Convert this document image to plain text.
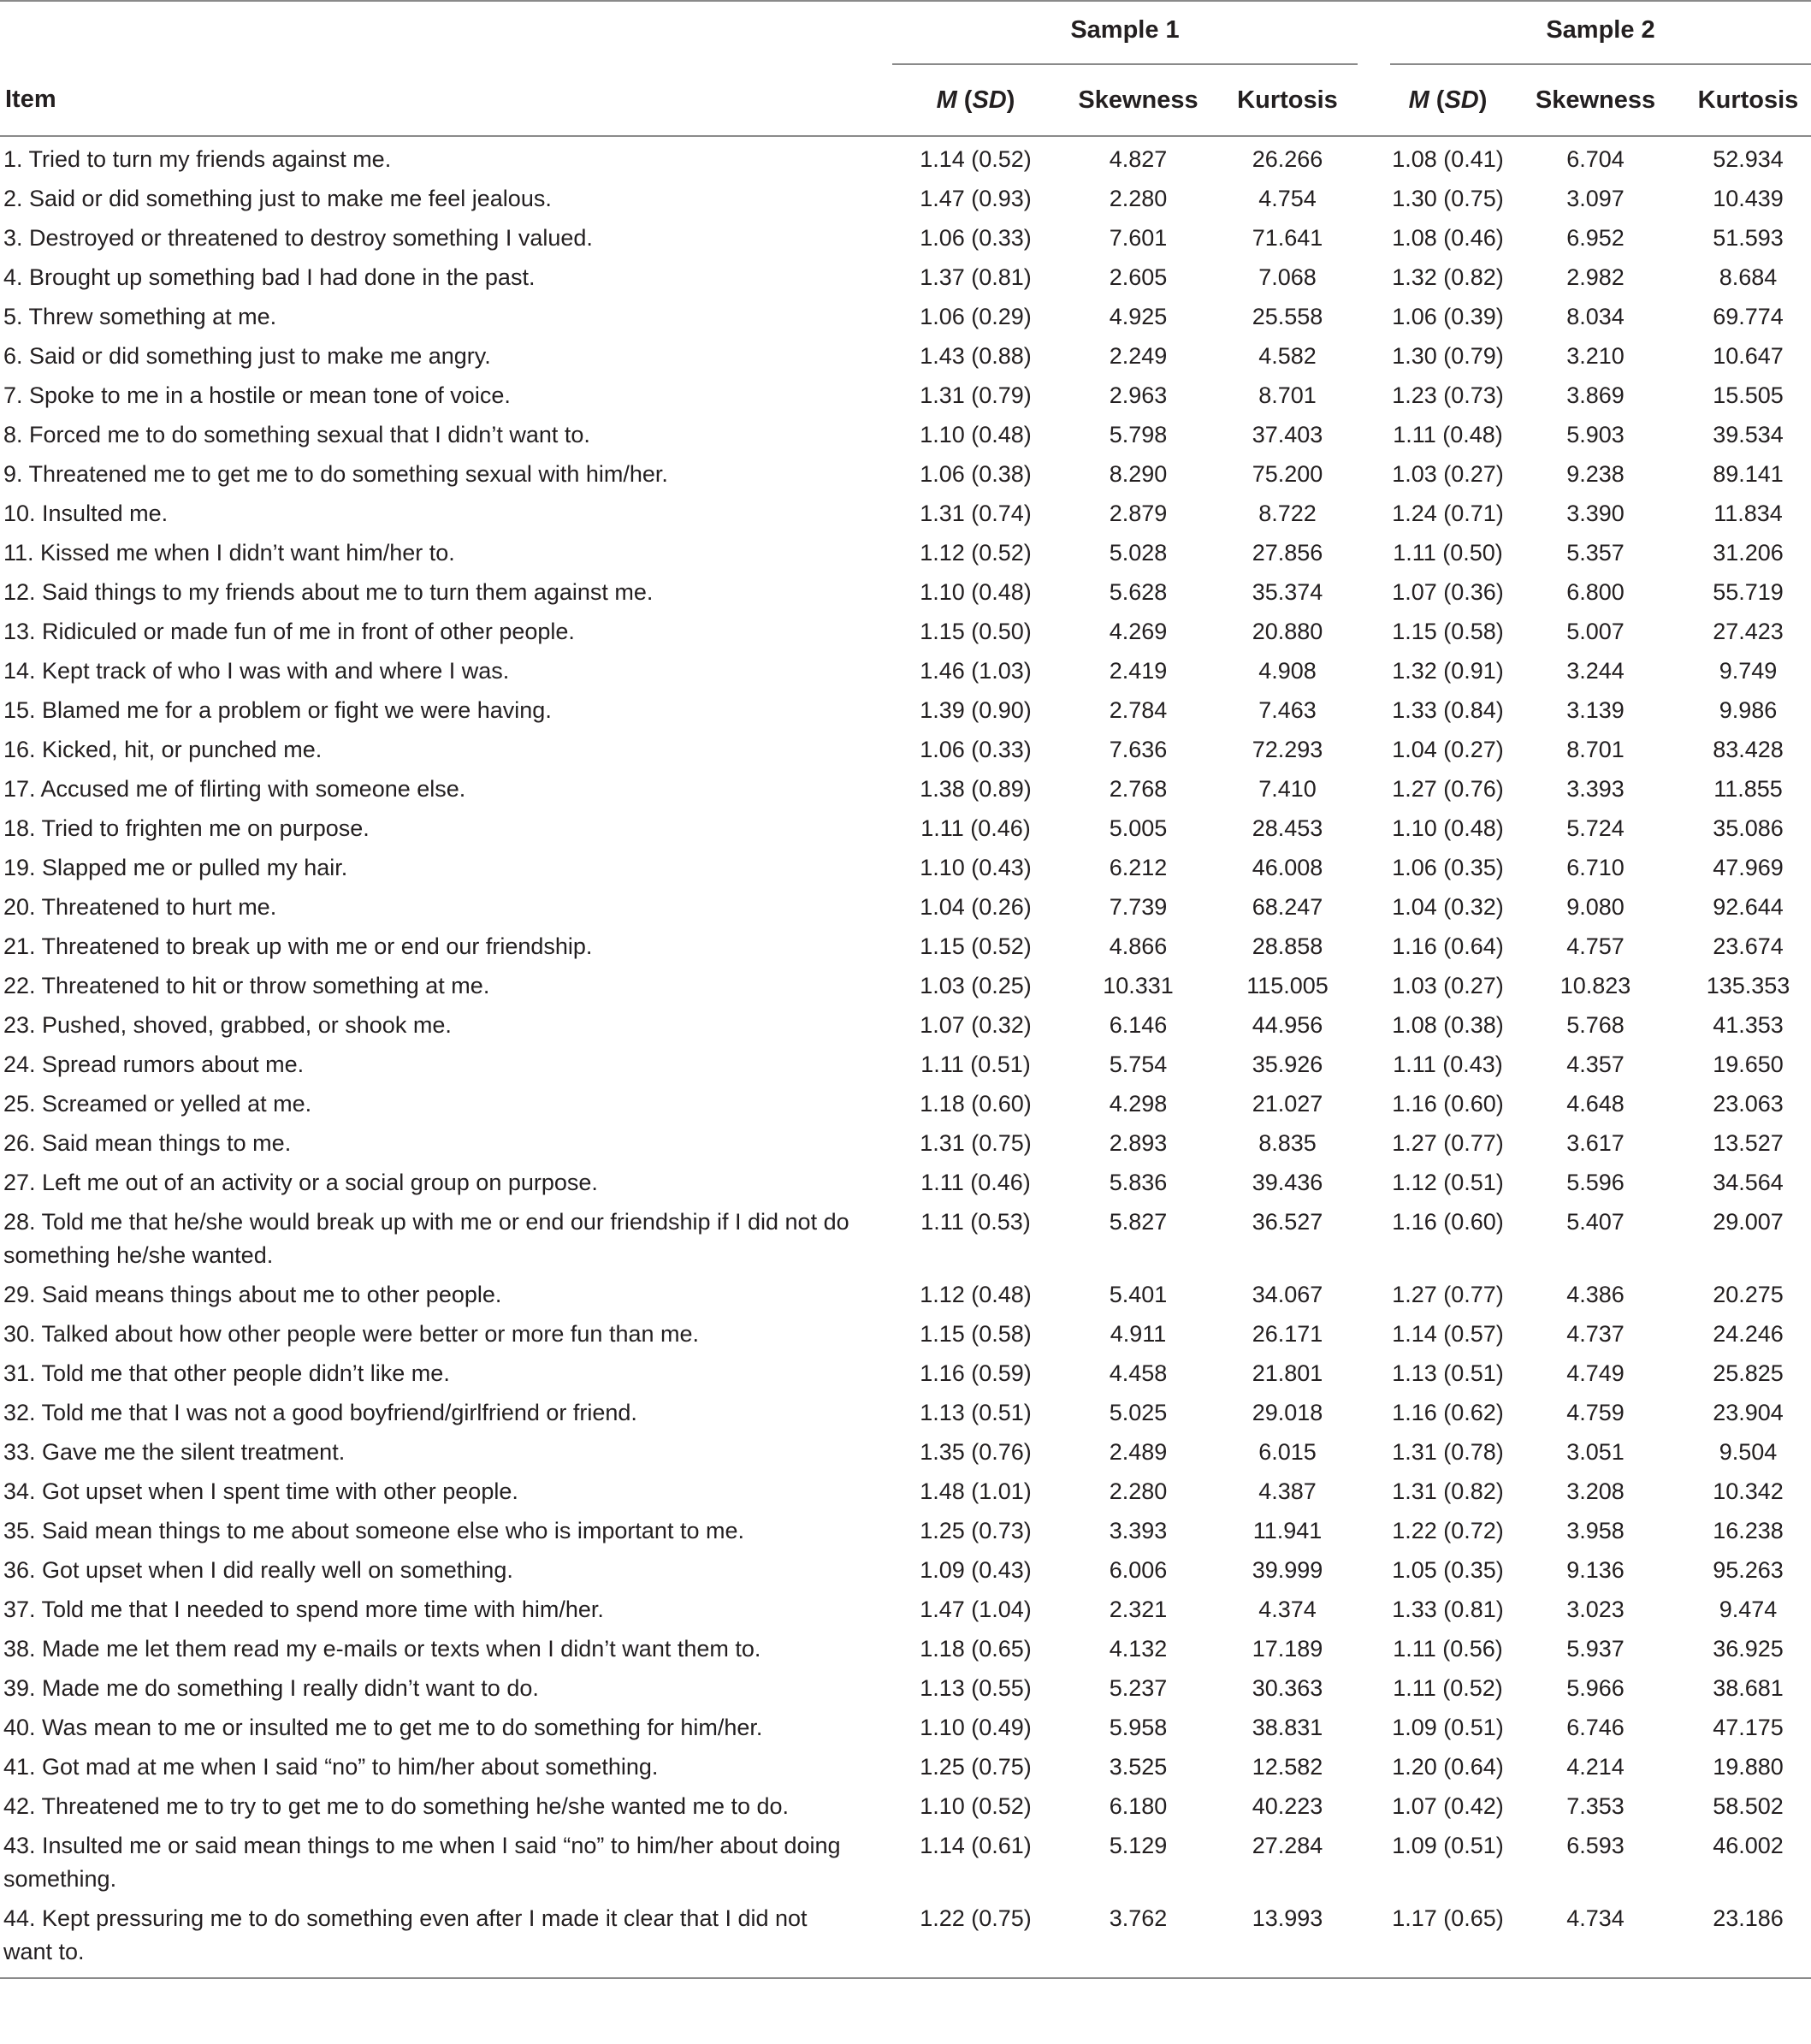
	Sample 1				Sample 2		

Item	M (SD)	Skewness	Kurtosis		M (SD)	Skewness	Kurtosis
1. Tried to turn my friends against me.	1.14 (0.52)	4.827	26.266		1.08 (0.41)	6.704	52.934
2. Said or did something just to make me feel jealous.	1.47 (0.93)	2.280	4.754		1.30 (0.75)	3.097	10.439
3. Destroyed or threatened to destroy something I valued.	1.06 (0.33)	7.601	71.641		1.08 (0.46)	6.952	51.593
4. Brought up something bad I had done in the past.	1.37 (0.81)	2.605	7.068		1.32 (0.82)	2.982	8.684
5. Threw something at me.	1.06 (0.29)	4.925	25.558		1.06 (0.39)	8.034	69.774
6. Said or did something just to make me angry.	1.43 (0.88)	2.249	4.582		1.30 (0.79)	3.210	10.647
7. Spoke to me in a hostile or mean tone of voice.	1.31 (0.79)	2.963	8.701		1.23 (0.73)	3.869	15.505
8. Forced me to do something sexual that I didn’t want to.	1.10 (0.48)	5.798	37.403		1.11 (0.48)	5.903	39.534
9. Threatened me to get me to do something sexual with him/her.	1.06 (0.38)	8.290	75.200		1.03 (0.27)	9.238	89.141
10. Insulted me.	1.31 (0.74)	2.879	8.722		1.24 (0.71)	3.390	11.834
11. Kissed me when I didn’t want him/her to.	1.12 (0.52)	5.028	27.856		1.11 (0.50)	5.357	31.206
12. Said things to my friends about me to turn them against me.	1.10 (0.48)	5.628	35.374		1.07 (0.36)	6.800	55.719
13. Ridiculed or made fun of me in front of other people.	1.15 (0.50)	4.269	20.880		1.15 (0.58)	5.007	27.423
14. Kept track of who I was with and where I was.	1.46 (1.03)	2.419	4.908		1.32 (0.91)	3.244	9.749
15. Blamed me for a problem or fight we were having.	1.39 (0.90)	2.784	7.463		1.33 (0.84)	3.139	9.986
16. Kicked, hit, or punched me.	1.06 (0.33)	7.636	72.293		1.04 (0.27)	8.701	83.428
17. Accused me of flirting with someone else.	1.38 (0.89)	2.768	7.410		1.27 (0.76)	3.393	11.855
18. Tried to frighten me on purpose.	1.11 (0.46)	5.005	28.453		1.10 (0.48)	5.724	35.086
19. Slapped me or pulled my hair.	1.10 (0.43)	6.212	46.008		1.06 (0.35)	6.710	47.969
20. Threatened to hurt me.	1.04 (0.26)	7.739	68.247		1.04 (0.32)	9.080	92.644
21. Threatened to break up with me or end our friendship.	1.15 (0.52)	4.866	28.858		1.16 (0.64)	4.757	23.674
22. Threatened to hit or throw something at me.	1.03 (0.25)	10.331	115.005		1.03 (0.27)	10.823	135.353
23. Pushed, shoved, grabbed, or shook me.	1.07 (0.32)	6.146	44.956		1.08 (0.38)	5.768	41.353
24. Spread rumors about me.	1.11 (0.51)	5.754	35.926		1.11 (0.43)	4.357	19.650
25. Screamed or yelled at me.	1.18 (0.60)	4.298	21.027		1.16 (0.60)	4.648	23.063
26. Said mean things to me.	1.31 (0.75)	2.893	8.835		1.27 (0.77)	3.617	13.527
27. Left me out of an activity or a social group on purpose.	1.11 (0.46)	5.836	39.436		1.12 (0.51)	5.596	34.564
28. Told me that he/she would break up with me or end our friendship if I did not do something he/she wanted.	1.11 (0.53)	5.827	36.527		1.16 (0.60)	5.407	29.007
29. Said means things about me to other people.	1.12 (0.48)	5.401	34.067		1.27 (0.77)	4.386	20.275
30. Talked about how other people were better or more fun than me.	1.15 (0.58)	4.911	26.171		1.14 (0.57)	4.737	24.246
31. Told me that other people didn’t like me.	1.16 (0.59)	4.458	21.801		1.13 (0.51)	4.749	25.825
32. Told me that I was not a good boyfriend/girlfriend or friend.	1.13 (0.51)	5.025	29.018		1.16 (0.62)	4.759	23.904
33. Gave me the silent treatment.	1.35 (0.76)	2.489	6.015		1.31 (0.78)	3.051	9.504
34. Got upset when I spent time with other people.	1.48 (1.01)	2.280	4.387		1.31 (0.82)	3.208	10.342
35. Said mean things to me about someone else who is important to me.	1.25 (0.73)	3.393	11.941		1.22 (0.72)	3.958	16.238
36. Got upset when I did really well on something.	1.09 (0.43)	6.006	39.999		1.05 (0.35)	9.136	95.263
37. Told me that I needed to spend more time with him/her.	1.47 (1.04)	2.321	4.374		1.33 (0.81)	3.023	9.474
38. Made me let them read my e-mails or texts when I didn’t want them to.	1.18 (0.65)	4.132	17.189		1.11 (0.56)	5.937	36.925
39. Made me do something I really didn’t want to do.	1.13 (0.55)	5.237	30.363		1.11 (0.52)	5.966	38.681
40. Was mean to me or insulted me to get me to do something for him/her.	1.10 (0.49)	5.958	38.831		1.09 (0.51)	6.746	47.175
41. Got mad at me when I said “no” to him/her about something.	1.25 (0.75)	3.525	12.582		1.20 (0.64)	4.214	19.880
42. Threatened me to try to get me to do something he/she wanted me to do.	1.10 (0.52)	6.180	40.223		1.07 (0.42)	7.353	58.502
43. Insulted me or said mean things to me when I said “no” to him/her about doing something.	1.14 (0.61)	5.129	27.284		1.09 (0.51)	6.593	46.002
44. Kept pressuring me to do something even after I made it clear that I did not want to.	1.22 (0.75)	3.762	13.993		1.17 (0.65)	4.734	23.186
